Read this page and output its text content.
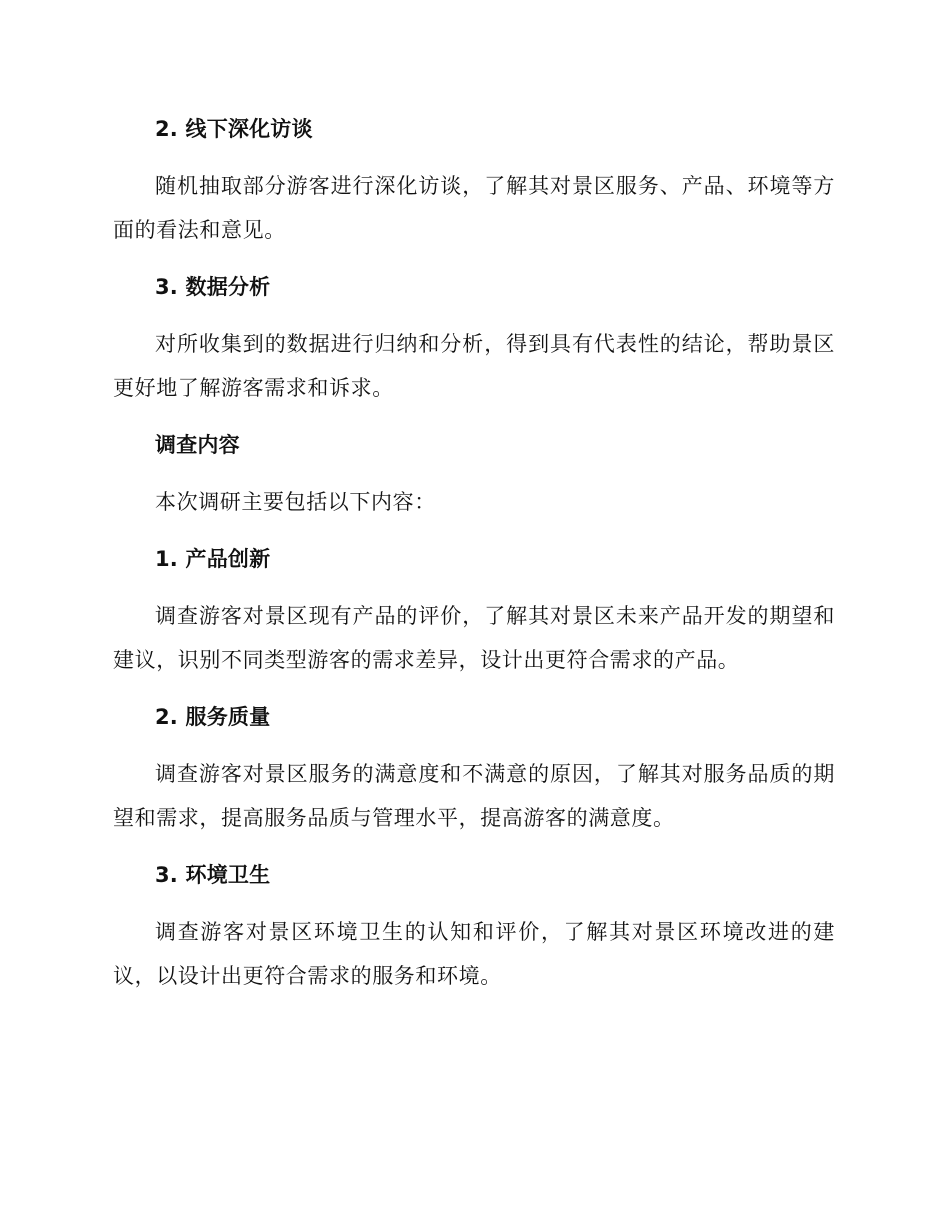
2. 线下深化访谈
随机抽取部分游客进行深化访谈，了解其对景区服务、产品、环境等方面的看法和意见。
3. 数据分析
对所收集到的数据进行归纳和分析，得到具有代表性的结论，帮助景区更好地了解游客需求和诉求。
调查内容
本次调研主要包括以下内容：
1. 产品创新
调查游客对景区现有产品的评价，了解其对景区未来产品开发的期望和建议，识别不同类型游客的需求差异，设计出更符合需求的产品。
2. 服务质量
调查游客对景区服务的满意度和不满意的原因，了解其对服务品质的期望和需求，提高服务品质与管理水平，提高游客的满意度。
3. 环境卫生
调查游客对景区环境卫生的认知和评价，了解其对景区环境改进的建议，以设计出更符合需求的服务和环境。
